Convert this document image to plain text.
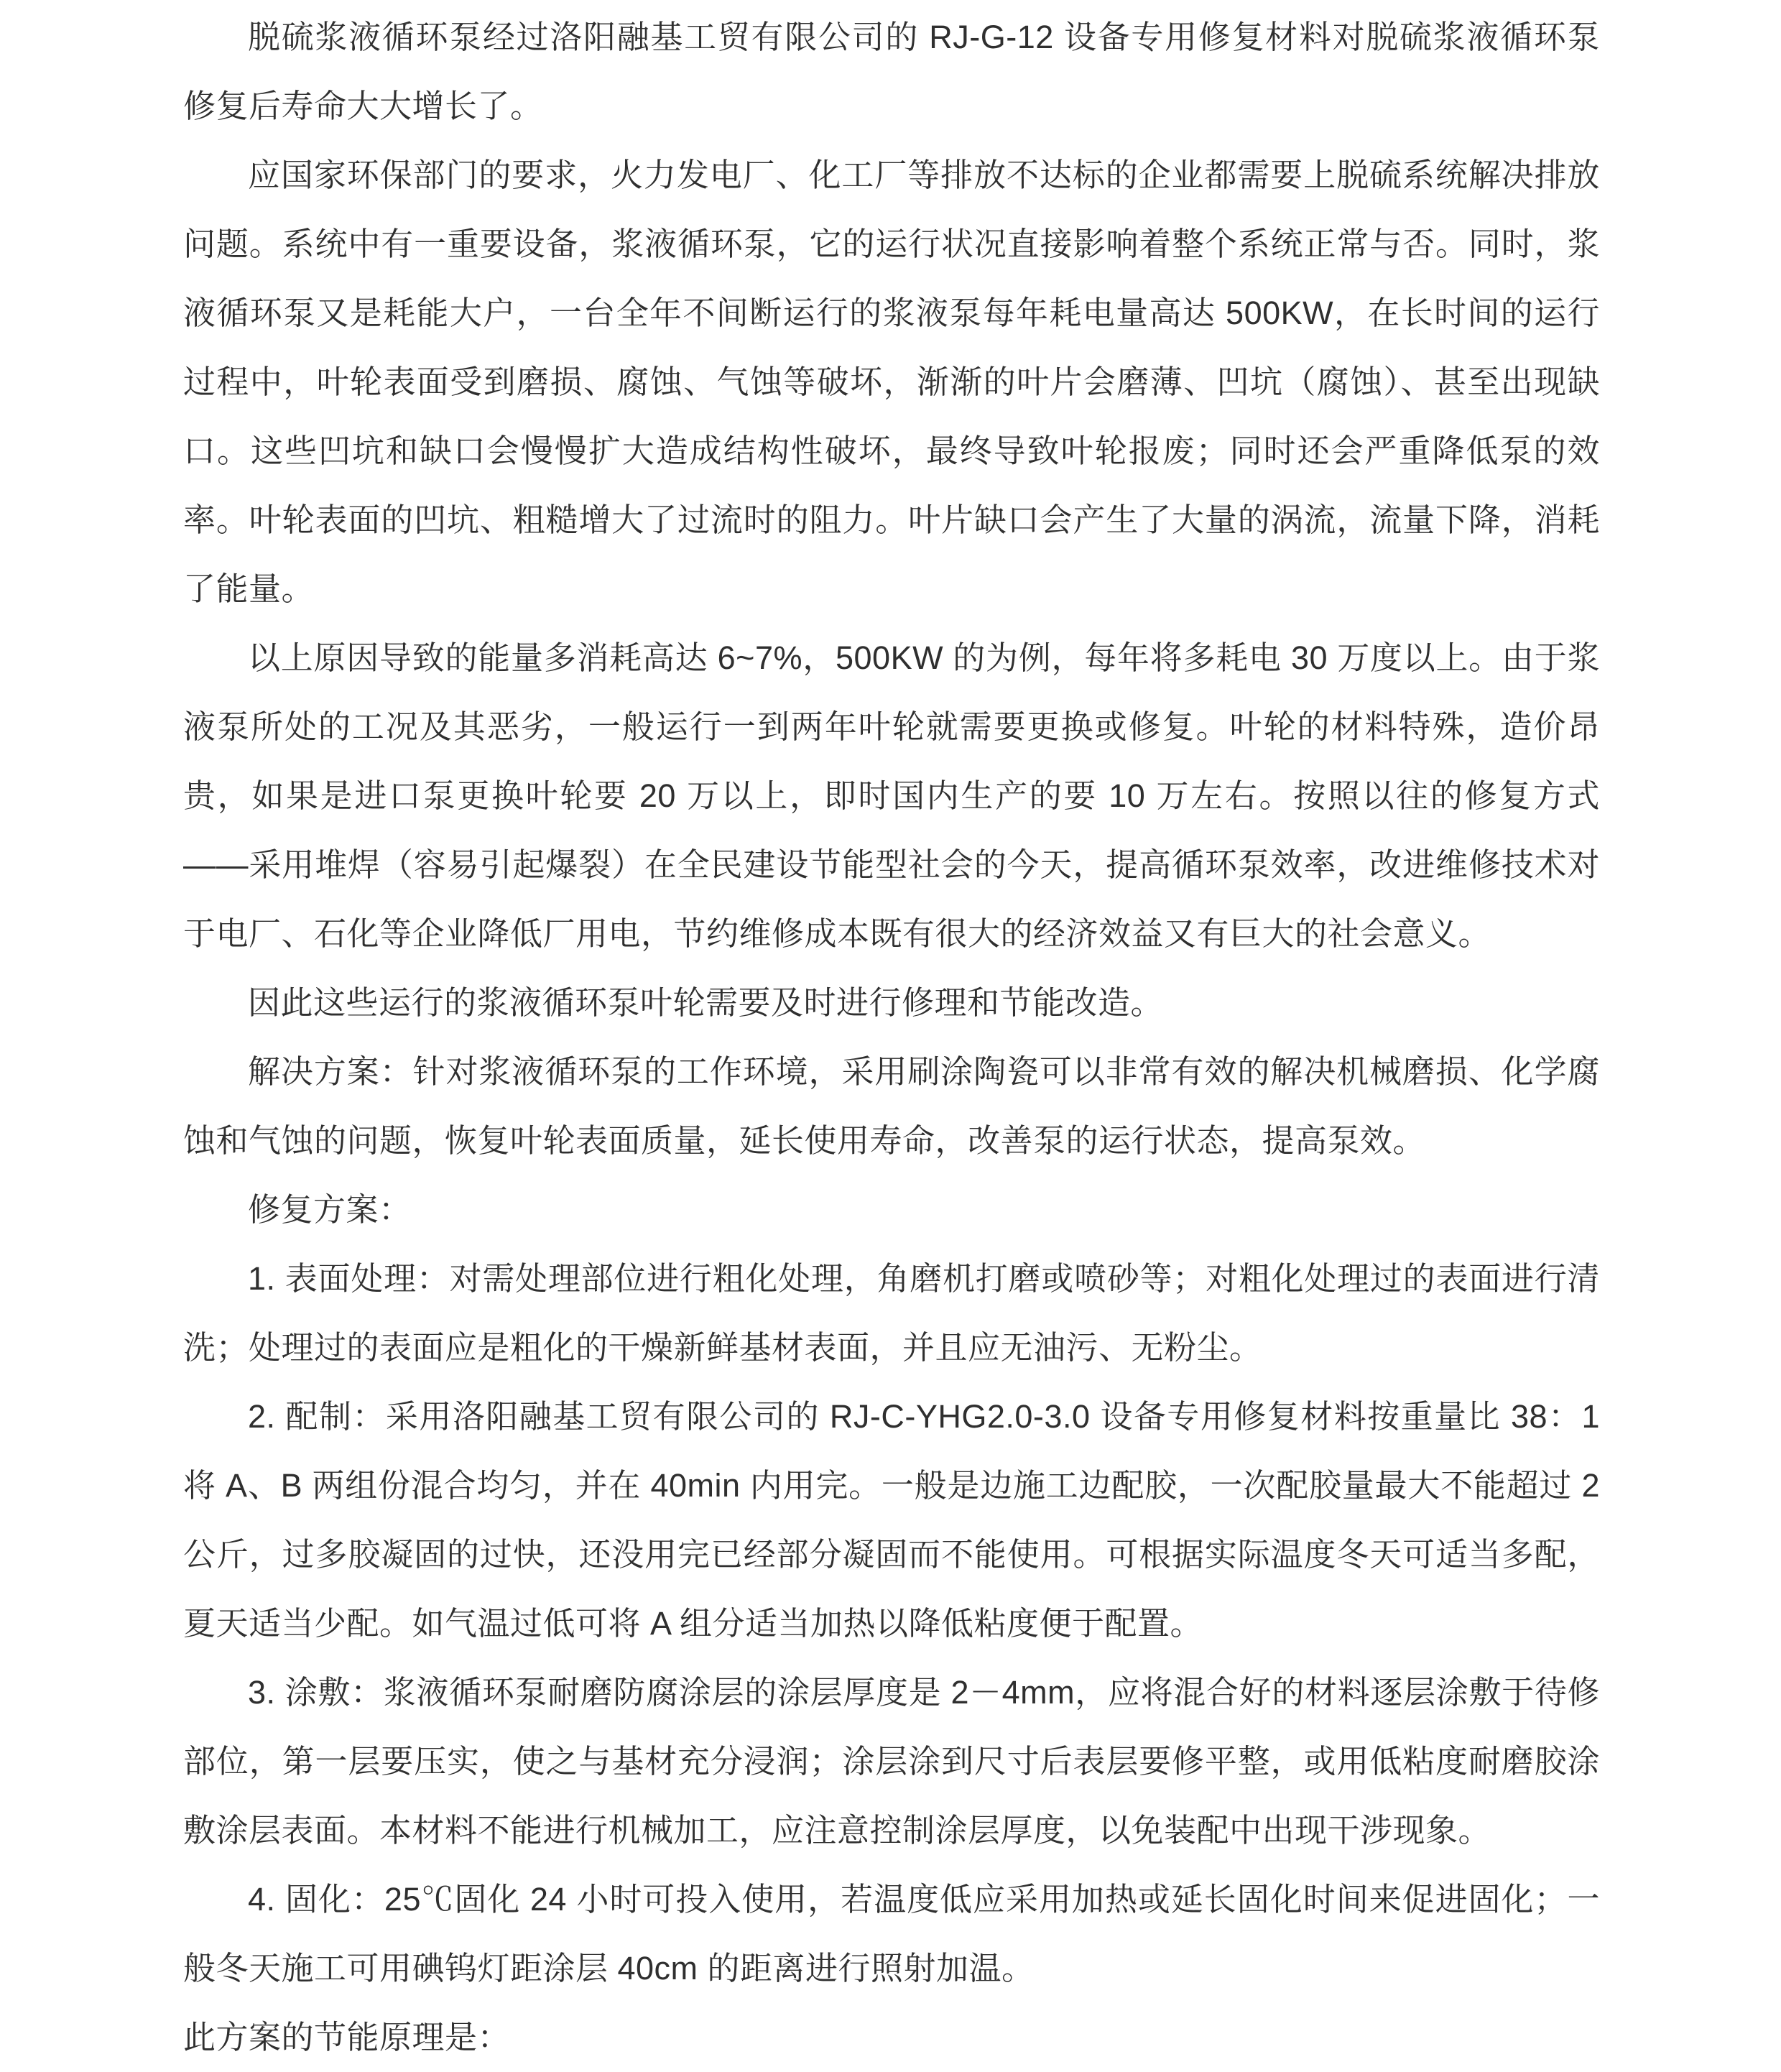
脱硫浆液循环泵经过洛阳融基工贸有限公司的 RJ-G-12 设备专用修复材料对脱硫浆液循环泵修复后寿命大大增长了。

应国家环保部门的要求，火力发电厂、化工厂等排放不达标的企业都需要上脱硫系统解决排放问题。系统中有一重要设备，浆液循环泵，它的运行状况直接影响着整个系统正常与否。同时，浆液循环泵又是耗能大户，一台全年不间断运行的浆液泵每年耗电量高达 500KW，在长时间的运行过程中，叶轮表面受到磨损、腐蚀、气蚀等破坏，渐渐的叶片会磨薄、凹坑（腐蚀）、甚至出现缺口。这些凹坑和缺口会慢慢扩大造成结构性破坏，最终导致叶轮报废；同时还会严重降低泵的效率。叶轮表面的凹坑、粗糙增大了过流时的阻力。叶片缺口会产生了大量的涡流，流量下降，消耗了能量。

以上原因导致的能量多消耗高达 6~7%，500KW 的为例，每年将多耗电 30 万度以上。由于浆液泵所处的工况及其恶劣，一般运行一到两年叶轮就需要更换或修复。叶轮的材料特殊，造价昂贵，如果是进口泵更换叶轮要 20 万以上，即时国内生产的要 10 万左右。按照以往的修复方式——采用堆焊（容易引起爆裂）在全民建设节能型社会的今天，提高循环泵效率，改进维修技术对于电厂、石化等企业降低厂用电，节约维修成本既有很大的经济效益又有巨大的社会意义。

因此这些运行的浆液循环泵叶轮需要及时进行修理和节能改造。

解决方案：针对浆液循环泵的工作环境，采用刷涂陶瓷可以非常有效的解决机械磨损、化学腐蚀和气蚀的问题，恢复叶轮表面质量，延长使用寿命，改善泵的运行状态，提高泵效。

修复方案：

1. 表面处理：对需处理部位进行粗化处理，角磨机打磨或喷砂等；对粗化处理过的表面进行清洗；处理过的表面应是粗化的干燥新鲜基材表面，并且应无油污、无粉尘。

2. 配制：采用洛阳融基工贸有限公司的 RJ-C-YHG2.0-3.0 设备专用修复材料按重量比 38：1 将 A、B 两组份混合均匀，并在 40min 内用完。一般是边施工边配胶，一次配胶量最大不能超过 2 公斤，过多胶凝固的过快，还没用完已经部分凝固而不能使用。可根据实际温度冬天可适当多配，夏天适当少配。如气温过低可将 A 组分适当加热以降低粘度便于配置。

3. 涂敷：浆液循环泵耐磨防腐涂层的涂层厚度是 2－4mm，应将混合好的材料逐层涂敷于待修部位，第一层要压实，使之与基材充分浸润；涂层涂到尺寸后表层要修平整，或用低粘度耐磨胶涂敷涂层表面。本材料不能进行机械加工，应注意控制涂层厚度，以免装配中出现干涉现象。

4. 固化：25℃固化 24 小时可投入使用，若温度低应采用加热或延长固化时间来促进固化；一般冬天施工可用碘钨灯距涂层 40cm 的距离进行照射加温。

此方案的节能原理是：
